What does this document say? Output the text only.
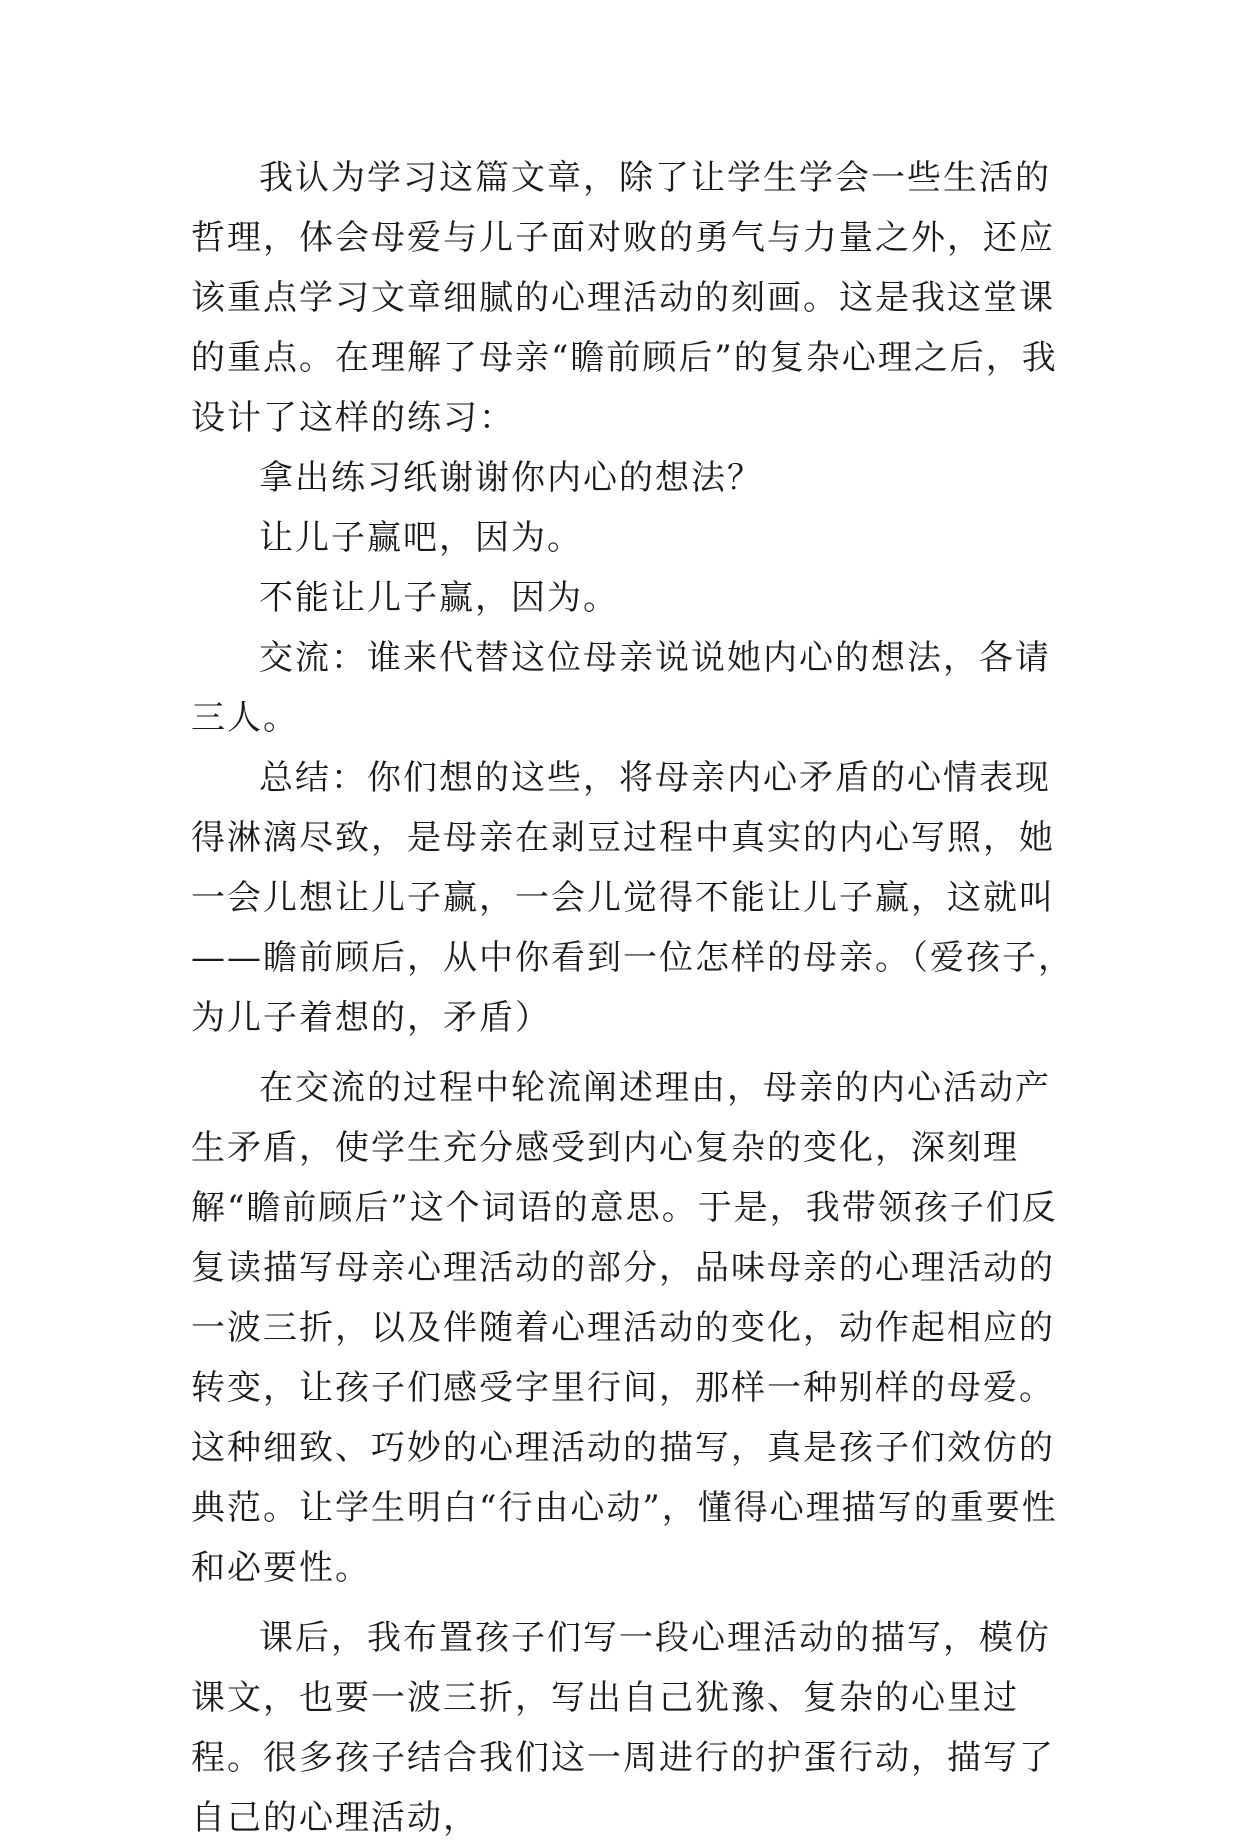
我认为学习这篇文章，除了让学生学会一些生活的哲理，体会母爱与儿子面对败的勇气与力量之外，还应该重点学习文章细腻的心理活动的刻画。这是我这堂课的重点。在理解了母亲“瞻前顾后”的复杂心理之后，我设计了这样的练习：

拿出练习纸谢谢你内心的想法？

让儿子赢吧，因为。

不能让儿子赢，因为。

交流：谁来代替这位母亲说说她内心的想法，各请三人。

总结：你们想的这些，将母亲内心矛盾的心情表现得淋漓尽致，是母亲在剥豆过程中真实的内心写照，她一会儿想让儿子赢，一会儿觉得不能让儿子赢，这就叫——瞻前顾后，从中你看到一位怎样的母亲。（爱孩子，为儿子着想的，矛盾）

在交流的过程中轮流阐述理由，母亲的内心活动产生矛盾，使学生充分感受到内心复杂的变化，深刻理解“瞻前顾后”这个词语的意思。于是，我带领孩子们反复读描写母亲心理活动的部分，品味母亲的心理活动的一波三折，以及伴随着心理活动的变化，动作起相应的转变，让孩子们感受字里行间，那样一种别样的母爱。这种细致、巧妙的心理活动的描写，真是孩子们效仿的典范。让学生明白“行由心动”，懂得心理描写的重要性和必要性。

课后，我布置孩子们写一段心理活动的描写，模仿课文，也要一波三折，写出自己犹豫、复杂的心里过程。很多孩子结合我们这一周进行的护蛋行动，描写了自己的心理活动，
